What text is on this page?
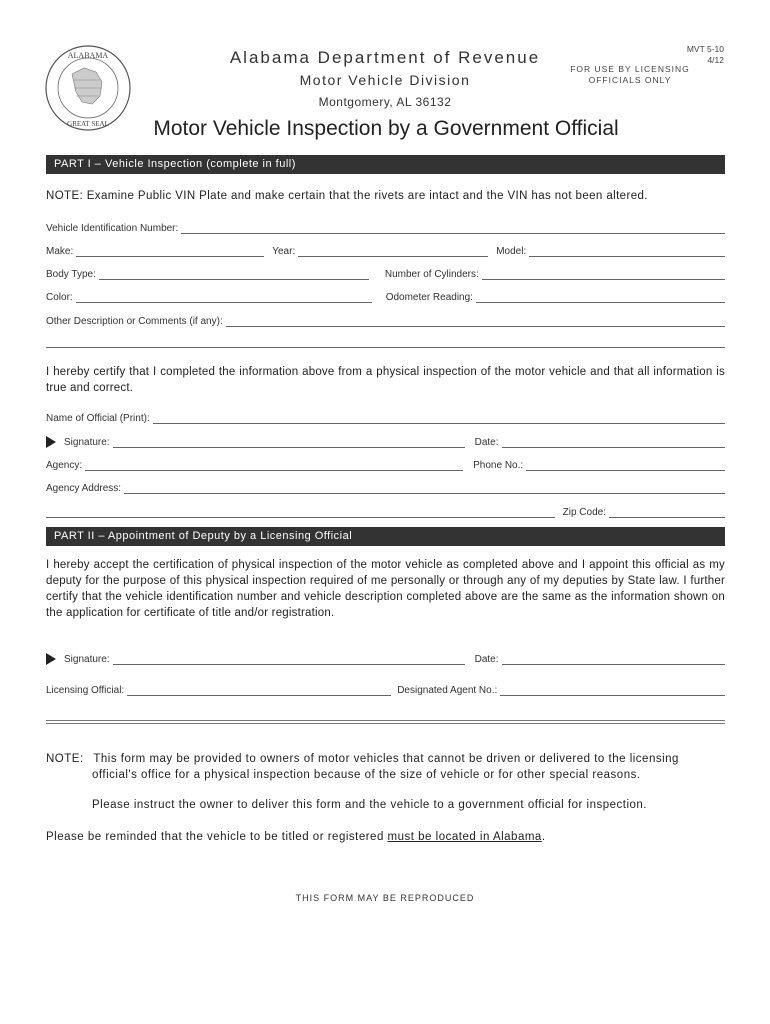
ALABAMA
GREAT SEAL
Alabama Department of Revenue
Motor Vehicle Division
Montgomery, AL 36132
MVT 5-10
4/12
FOR USE BY LICENSING OFFICIALS ONLY
Motor Vehicle Inspection by a Government Official
PART I – Vehicle Inspection (complete in full)
NOTE: Examine Public VIN Plate and make certain that the rivets are intact and the VIN has not been altered.
Vehicle Identification Number:
Make:	Year:	Model:
Body Type:	Number of Cylinders:
Color:	Odometer Reading:
Other Description or Comments (if any):
I hereby certify that I completed the information above from a physical inspection of the motor vehicle and that all information is true and correct.
Name of Official (Print):
Signature:	Date:
Agency:	Phone No.:
Agency Address:
Zip Code:
PART II – Appointment of Deputy by a Licensing Official
I hereby accept the certification of physical inspection of the motor vehicle as completed above and I appoint this official as my deputy for the purpose of this physical inspection required of me personally or through any of my deputies by State law. I further certify that the vehicle identification number and vehicle description completed above are the same as the information shown on the application for certificate of title and/or registration.
Signature:	Date:
Licensing Official:	Designated Agent No.:
NOTE: This form may be provided to owners of motor vehicles that cannot be driven or delivered to the licensing
official's office for a physical inspection because of the size of vehicle or for other special reasons.
Please instruct the owner to deliver this form and the vehicle to a government official for inspection.
Please be reminded that the vehicle to be titled or registered must be located in Alabama.
THIS FORM MAY BE REPRODUCED
